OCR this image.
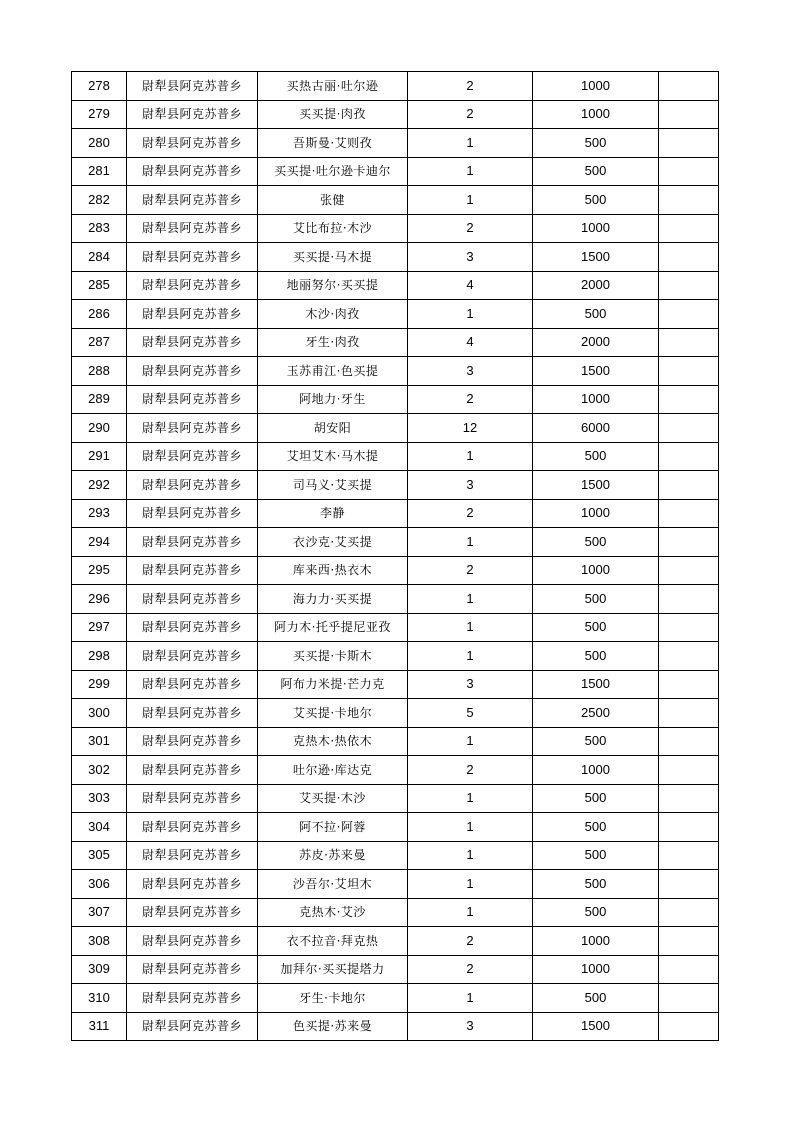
278	尉犁县阿克苏普乡	买热古丽·吐尔逊	2	1000	
279	尉犁县阿克苏普乡	买买提·肉孜	2	1000	
280	尉犁县阿克苏普乡	吾斯曼·艾则孜	1	500	
281	尉犁县阿克苏普乡	买买提·吐尔逊卡迪尔	1	500	
282	尉犁县阿克苏普乡	张健	1	500	
283	尉犁县阿克苏普乡	艾比布拉·木沙	2	1000	
284	尉犁县阿克苏普乡	买买提·马木提	3	1500	
285	尉犁县阿克苏普乡	地丽努尔·买买提	4	2000	
286	尉犁县阿克苏普乡	木沙·肉孜	1	500	
287	尉犁县阿克苏普乡	牙生·肉孜	4	2000	
288	尉犁县阿克苏普乡	玉苏甫江·色买提	3	1500	
289	尉犁县阿克苏普乡	阿地力·牙生	2	1000	
290	尉犁县阿克苏普乡	胡安阳	12	6000	
291	尉犁县阿克苏普乡	艾坦艾木·马木提	1	500	
292	尉犁县阿克苏普乡	司马义·艾买提	3	1500	
293	尉犁县阿克苏普乡	李静	2	1000	
294	尉犁县阿克苏普乡	衣沙克·艾买提	1	500	
295	尉犁县阿克苏普乡	库来西·热衣木	2	1000	
296	尉犁县阿克苏普乡	海力力·买买提	1	500	
297	尉犁县阿克苏普乡	阿力木·托乎提尼亚孜	1	500	
298	尉犁县阿克苏普乡	买买提·卡斯木	1	500	
299	尉犁县阿克苏普乡	阿布力米提·芒力克	3	1500	
300	尉犁县阿克苏普乡	艾买提·卡地尔	5	2500	
301	尉犁县阿克苏普乡	克热木·热依木	1	500	
302	尉犁县阿克苏普乡	吐尔逊·库达克	2	1000	
303	尉犁县阿克苏普乡	艾买提·木沙	1	500	
304	尉犁县阿克苏普乡	阿不拉·阿蓉	1	500	
305	尉犁县阿克苏普乡	苏皮·苏来曼	1	500	
306	尉犁县阿克苏普乡	沙吾尔·艾坦木	1	500	
307	尉犁县阿克苏普乡	克热木·艾沙	1	500	
308	尉犁县阿克苏普乡	衣不拉音·拜克热	2	1000	
309	尉犁县阿克苏普乡	加拜尔·买买提塔力	2	1000	
310	尉犁县阿克苏普乡	牙生·卡地尔	1	500	
311	尉犁县阿克苏普乡	色买提·苏来曼	3	1500	
